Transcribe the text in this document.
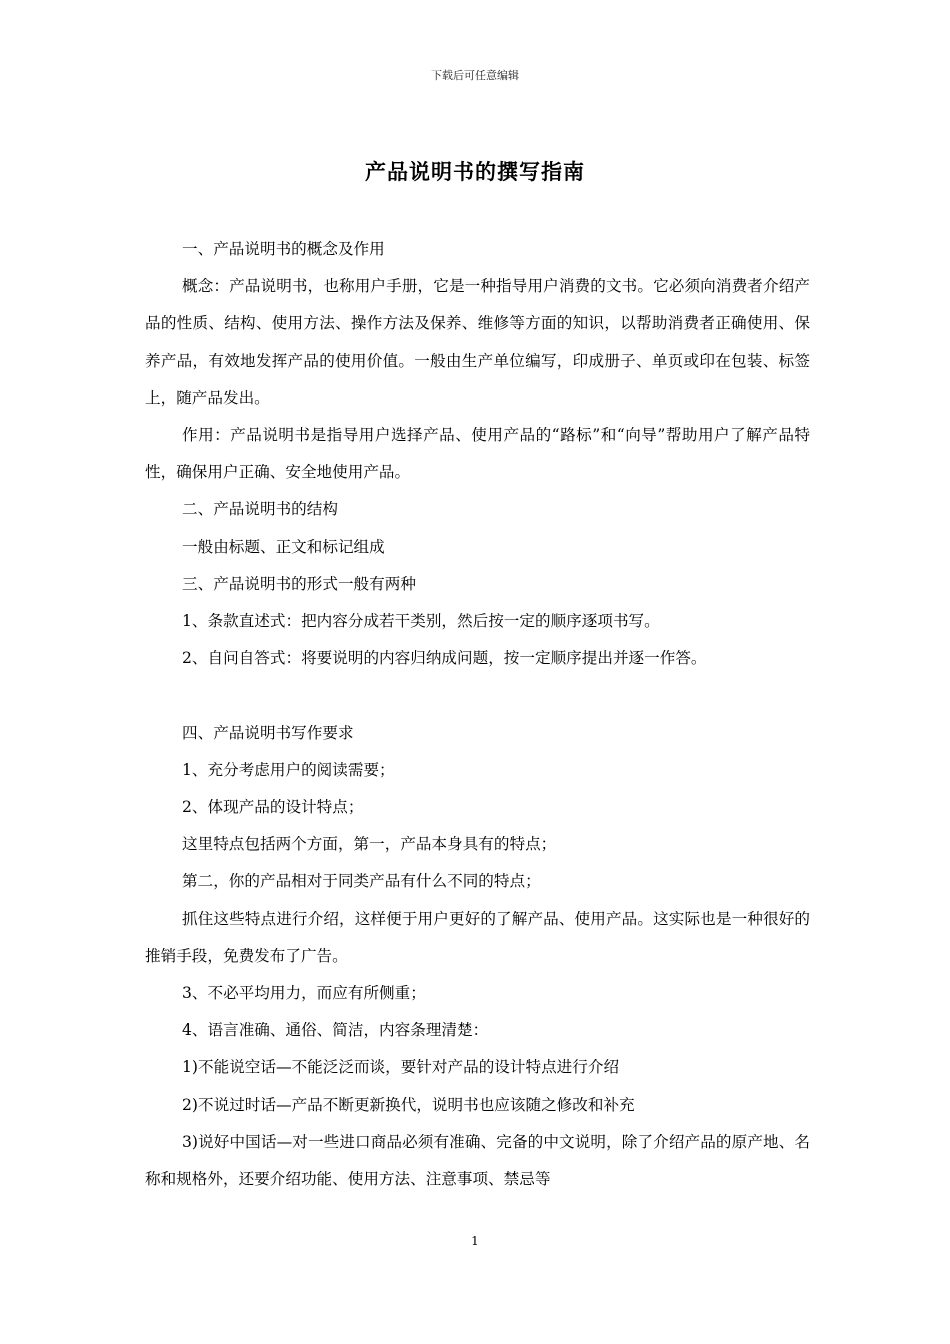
下载后可任意编辑
产品说明书的撰写指南

一、产品说明书的概念及作用

概念：产品说明书，也称用户手册，它是一种指导用户消费的文书。它必须向消费者介绍产品的性质、结构、使用方法、操作方法及保养、维修等方面的知识，以帮助消费者正确使用、保养产品，有效地发挥产品的使用价值。一般由生产单位编写，印成册子、单页或印在包装、标签上，随产品发出。

作用：产品说明书是指导用户选择产品、使用产品的“路标”和“向导”帮助用户了解产品特性，确保用户正确、安全地使用产品。

二、产品说明书的结构

一般由标题、正文和标记组成

三、产品说明书的形式一般有两种

1、条款直述式：把内容分成若干类别，然后按一定的顺序逐项书写。

2、自问自答式：将要说明的内容归纳成问题，按一定顺序提出并逐一作答。

四、产品说明书写作要求

1、充分考虑用户的阅读需要；

2、体现产品的设计特点；

这里特点包括两个方面，第一，产品本身具有的特点；

第二，你的产品相对于同类产品有什么不同的特点；

抓住这些特点进行介绍，这样便于用户更好的了解产品、使用产品。这实际也是一种很好的推销手段，免费发布了广告。

3、不必平均用力，而应有所侧重；

4、语言准确、通俗、简洁，内容条理清楚：

1)不能说空话—不能泛泛而谈，要针对产品的设计特点进行介绍

2)不说过时话—产品不断更新换代，说明书也应该随之修改和补充

3)说好中国话—对一些进口商品必须有准确、完备的中文说明，除了介绍产品的原产地、名称和规格外，还要介绍功能、使用方法、注意事项、禁忌等

1
